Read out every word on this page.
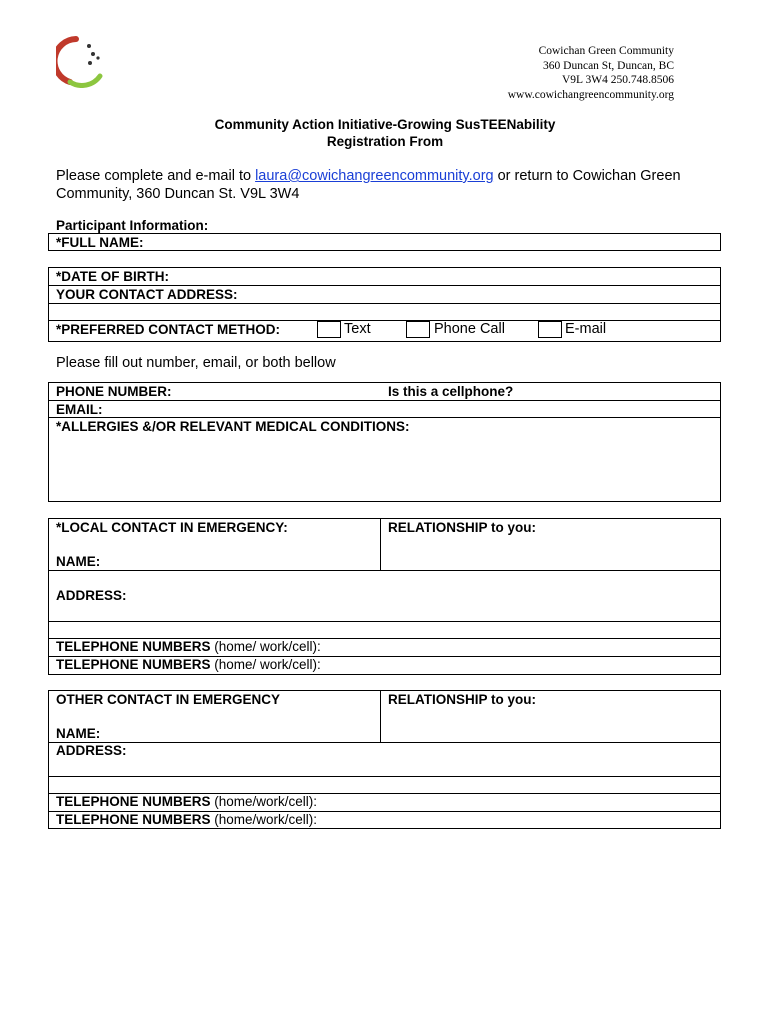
Cowichan Green Community
360 Duncan St, Duncan, BC
V9L 3W4 250.748.8506
www.cowichangreencommunity.org
Community Action Initiative-Growing SusTEENability
Registration From
Please complete and e-mail to laura@cowichangreencommunity.org or return to Cowichan Green Community, 360 Duncan St. V9L 3W4
Participant Information:
*FULL NAME:
*DATE OF BIRTH:
YOUR CONTACT ADDRESS:
*PREFERRED CONTACT METHOD:	Text	Phone Call	E-mail
Please fill out number, email, or both bellow
PHONE NUMBER:	Is this a cellphone?
EMAIL:
*ALLERGIES &/OR RELEVANT MEDICAL CONDITIONS:
*LOCAL CONTACT IN EMERGENCY:	RELATIONSHIP to you:
NAME:
ADDRESS:
TELEPHONE NUMBERS (home/ work/cell):
TELEPHONE NUMBERS (home/ work/cell):
OTHER CONTACT IN EMERGENCY	RELATIONSHIP to you:
NAME:
ADDRESS:
TELEPHONE NUMBERS (home/work/cell):
TELEPHONE NUMBERS (home/work/cell):
